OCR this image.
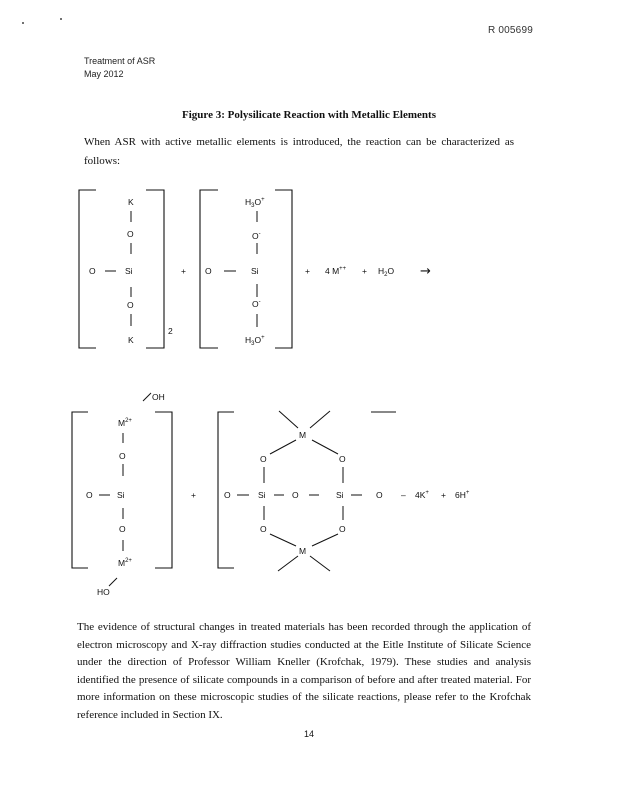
R 005699
Treatment of ASR
May 2012
Figure 3: Polysilicate Reaction with Metallic Elements

When ASR with active metallic elements is introduced, the reaction can be characterized as follows:

K
O
O	Si
O
K
2
+
$H_3O^+$
O-
O	Si
O-
$H_3O^+$
+ 4 $M^{++} + H_2O$ →
OH
$M^{2+}$
O
O	Si
O
$M^{2+}$
HO
+
M
O	O
O	Si	O	Si	O
O	O
M
– 4K+ + 6H+

The evidence of structural changes in treated materials has been recorded through the application of electron microscopy and X-ray diffraction studies conducted at the Eitle Institute of Silicate Science under the direction of Professor William Kneller (Krofchak, 1979). These studies and analysis identified the presence of silicate compounds in a comparison of before and after treated material. For more information on these microscopic studies of the silicate reactions, please refer to the Krofchak reference included in Section IX.

14
